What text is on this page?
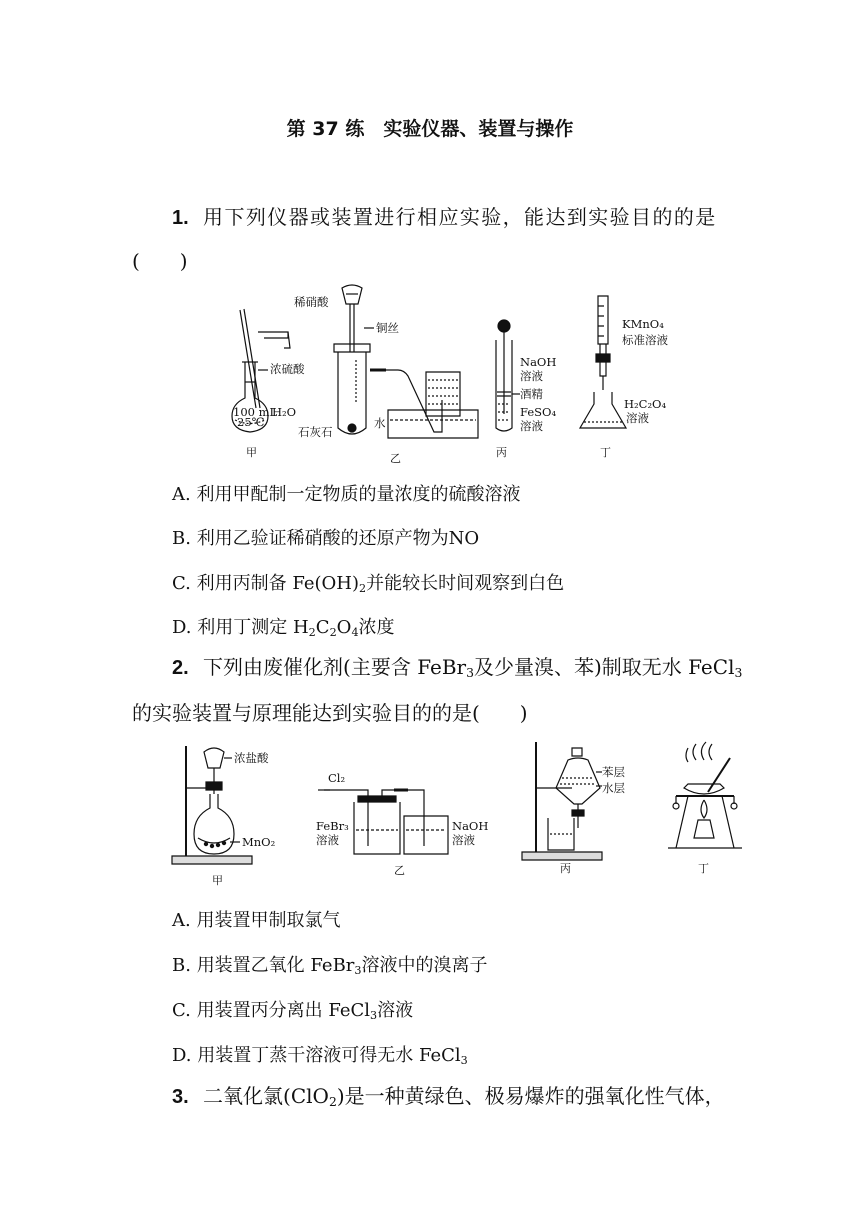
第 37 练　实验仪器、装置与操作
1. 用下列仪器或装置进行相应实验，能达到实验目的的是
(　　)
浓硫酸
100 mL
25℃
H₂O
甲
稀硝酸
铜丝
石灰石
水
乙
NaOH
溶液
酒精
FeSO₄
溶液
丙
KMnO₄
标准溶液
H₂C₂O₄
溶液
丁
A. 利用甲配制一定物质的量浓度的硫酸溶液
B. 利用乙验证稀硝酸的还原产物为NO
C. 利用丙制备 $Fe(OH)_2$并能较长时间观察到白色
D. 利用丁测定 $H_2C_2O_4$浓度
2. 下列由废催化剂(主要含 FeBr$_3$及少量溴、苯)制取无水 FeCl$_3$
的实验装置与原理能达到实验目的的是(　　)
浓盐酸
MnO₂
甲
Cl₂
FeBr₃
溶液
NaOH
溶液
乙
苯层
水层
丙	丁
A. 用装置甲制取氯气
B. 用装置乙氧化 FeBr$_3$溶液中的溴离子
C. 用装置丙分离出 FeCl$_3$溶液
D. 用装置丁蒸干溶液可得无水 FeCl$_3$
3. 二氧化氯(ClO$_2$)是一种黄绿色、极易爆炸的强氧化性气体，
